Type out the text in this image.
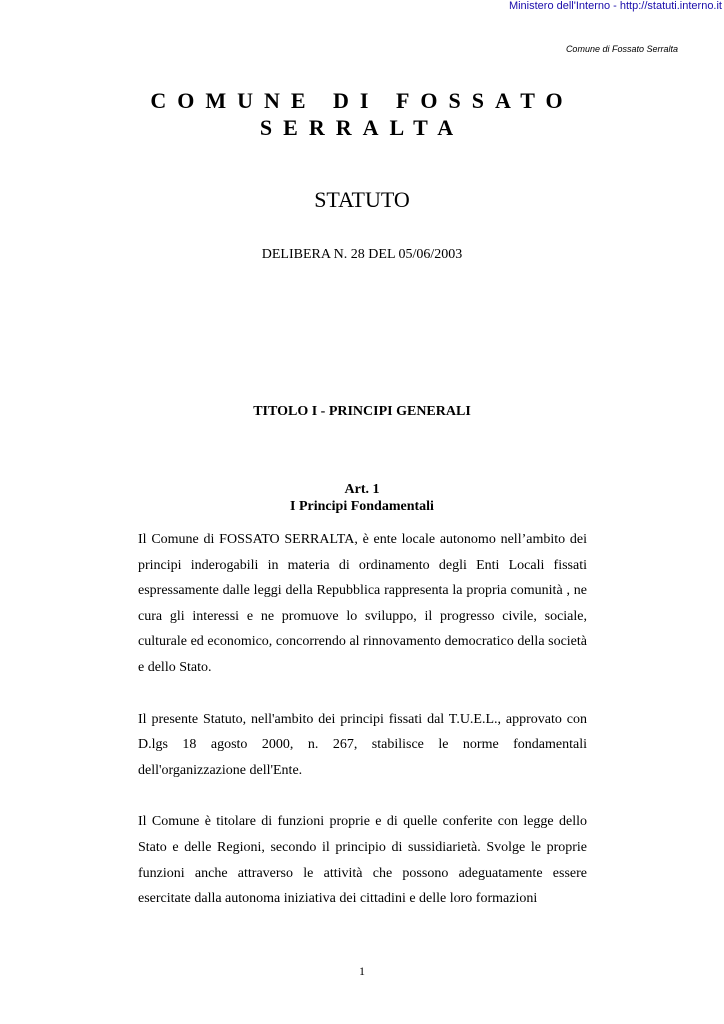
Ministero dell'Interno - http://statuti.interno.it
Comune di Fossato Serralta
COMUNE DI FOSSATO
SERRALTA
STATUTO
DELIBERA N. 28 DEL 05/06/2003
TITOLO I - PRINCIPI GENERALI
Art. 1
I Principi Fondamentali

Il Comune di FOSSATO SERRALTA, è ente locale autonomo nell’ambito dei principi inderogabili in materia di ordinamento degli Enti Locali fissati espressamente dalle leggi della Repubblica rappresenta la propria comunità , ne cura gli interessi e ne promuove lo sviluppo, il progresso civile, sociale, culturale ed economico, concorrendo al rinnovamento democratico della società e dello Stato.

Il presente Statuto, nell'ambito dei principi fissati dal T.U.E.L., approvato con D.lgs 18 agosto 2000, n. 267, stabilisce le norme fondamentali dell'organizzazione dell'Ente.

Il Comune è titolare di funzioni proprie e di quelle conferite con legge dello Stato e delle Regioni, secondo il principio di sussidiarietà. Svolge le proprie funzioni anche attraverso le attività che possono adeguatamente essere esercitate dalla autonoma iniziativa dei cittadini e delle loro formazioni

1
